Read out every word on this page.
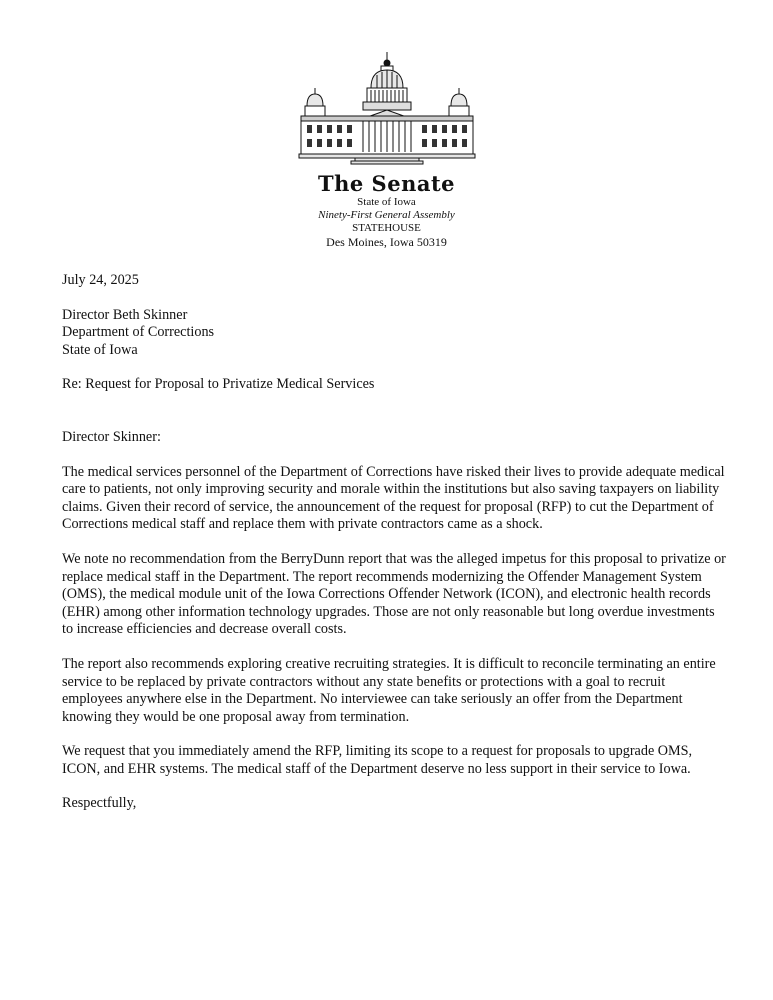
The Senate
State of Iowa
Ninety-First General Assembly
STATEHOUSE
Des Moines, Iowa 50319

July 24, 2025

Director Beth Skinner

Department of Corrections

State of Iowa

Re: Request for Proposal to Privatize Medical Services

Director Skinner:

The medical services personnel of the Department of Corrections have risked their lives to provide adequate medical care to patients, not only improving security and morale within the institutions but also saving taxpayers on liability claims. Given their record of service, the announcement of the request for proposal (RFP) to cut the Department of Corrections medical staff and replace them with private contractors came as a shock.

We note no recommendation from the BerryDunn report that was the alleged impetus for this proposal to privatize or replace medical staff in the Department. The report recommends modernizing the Offender Management System (OMS), the medical module unit of the Iowa Corrections Offender Network (ICON), and electronic health records (EHR) among other information technology upgrades. Those are not only reasonable but long overdue investments to increase efficiencies and decrease overall costs.

The report also recommends exploring creative recruiting strategies. It is difficult to reconcile terminating an entire service to be replaced by private contractors without any state benefits or protections with a goal to recruit employees anywhere else in the Department. No interviewee can take seriously an offer from the Department knowing they would be one proposal away from termination.

We request that you immediately amend the RFP, limiting its scope to a request for proposals to upgrade OMS, ICON, and EHR systems. The medical staff of the Department deserve no less support in their service to Iowa.

Respectfully,
